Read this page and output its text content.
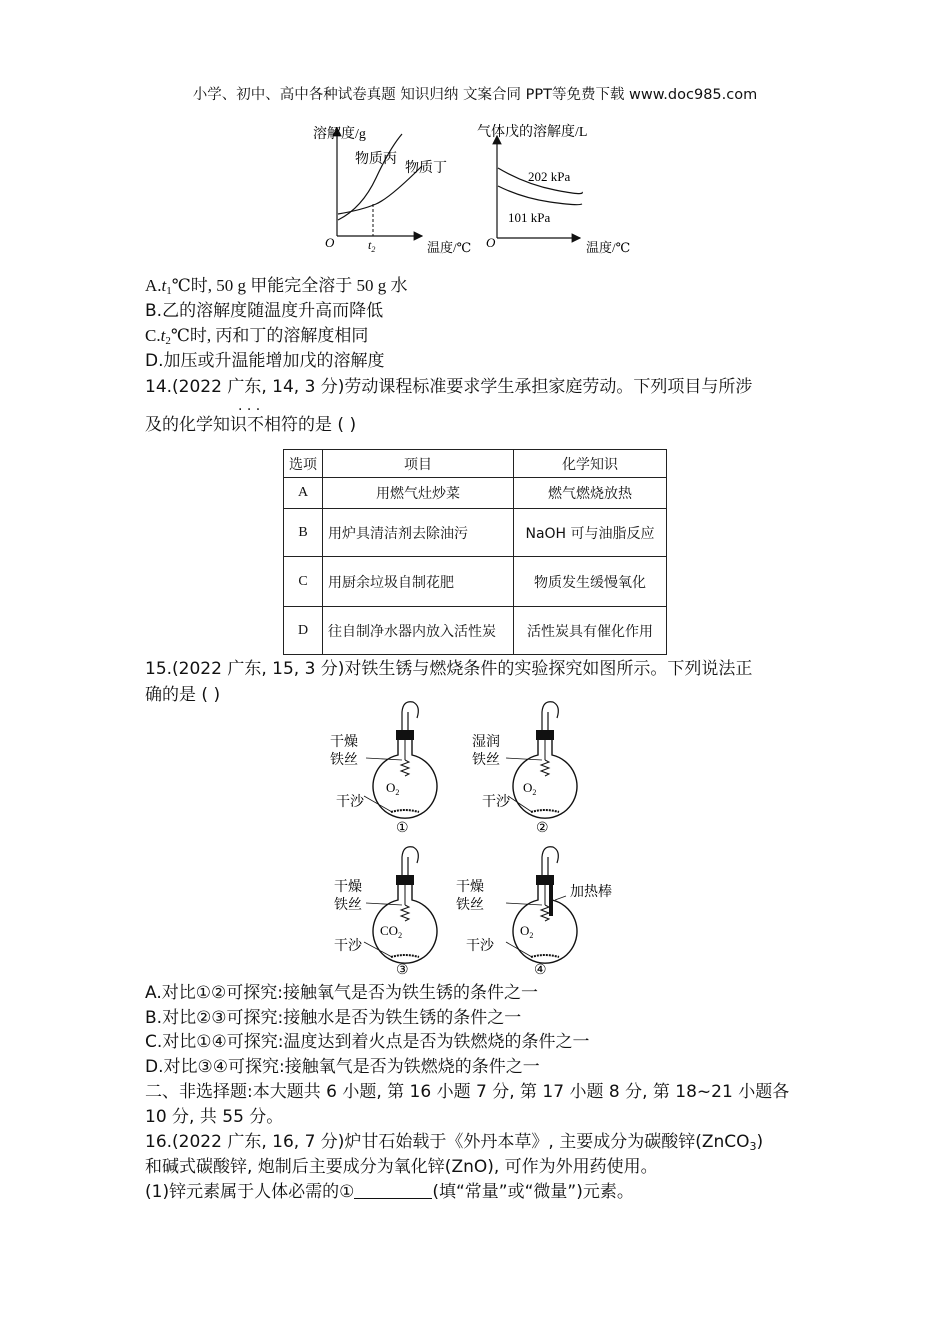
小学、初中、高中各种试卷真题 知识归纳 文案合同 PPT等免费下载 www.doc985.com
溶解度/g
O	温度/℃
物质丙
物质丁
$t_2$
气体戊的溶解度/L
O	温度/℃
202 kPa
101 kPa
$A.t_1℃$时, 50 g 甲能完全溶于 50 g 水
B.乙的溶解度随温度升高而降低
$C.t_2℃$时, 丙和丁的溶解度相同
D.加压或升温能增加戊的溶解度
14.(2022 广东, 14, 3 分)劳动课程标准要求学生承担家庭劳动。下列项目与所涉
· · ·
及的化学知识不相符的是 ( )
选项	项目	化学知识
A	用燃气灶炒菜	燃气燃烧放热
B	用炉具清洁剂去除油污	NaOH 可与油脂反应
C	用厨余垃圾自制花肥	物质发生缓慢氧化
D	往自制净水器内放入活性炭	活性炭具有催化作用
15.(2022 广东, 15, 3 分)对铁生锈与燃烧条件的实验探究如图所示。下列说法正
确的是 ( )
干燥
铁丝
$O_2$
干沙
①
湿润
铁丝
$O_2$
干沙
②
干燥
铁丝
$CO_2$
干沙
③
干燥
铁丝
加热棒
$O_2$
干沙
④
A.对比①②可探究:接触氧气是否为铁生锈的条件之一
B.对比②③可探究:接触水是否为铁生锈的条件之一
C.对比①④可探究:温度达到着火点是否为铁燃烧的条件之一
D.对比③④可探究:接触氧气是否为铁燃烧的条件之一
二、非选择题:本大题共 6 小题, 第 16 小题 7 分, 第 17 小题 8 分, 第 18~21 小题各
10 分, 共 55 分。
16.(2022 广东, 16, 7 分)炉甘石始载于《外丹本草》, 主要成分为碳酸锌(ZnCO$_3$)
和碱式碳酸锌, 炮制后主要成分为氧化锌(ZnO), 可作为外用药使用。
(1)锌元素属于人体必需的①	(填“常量”或“微量”)元素。
